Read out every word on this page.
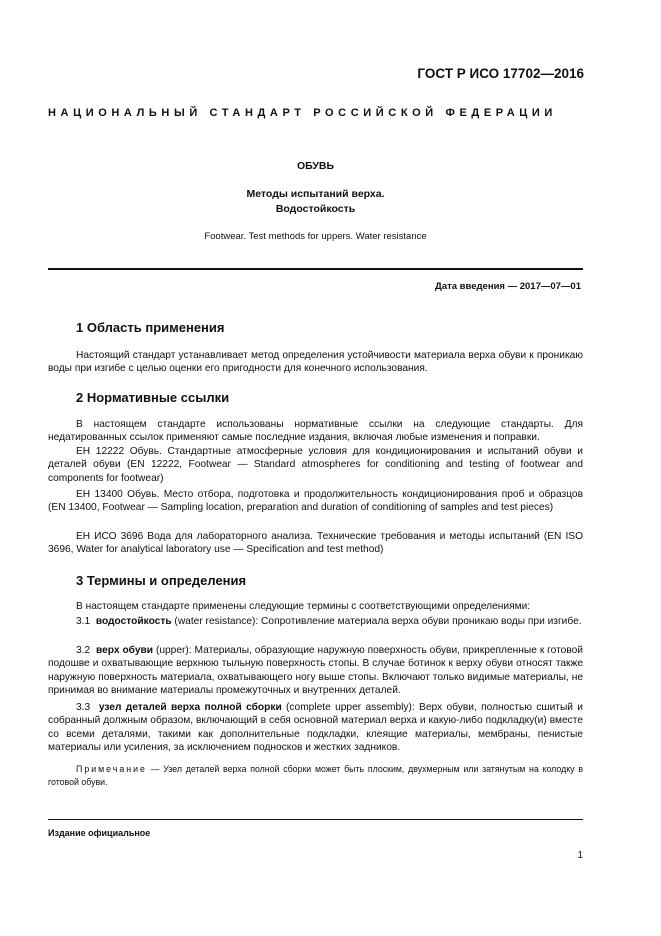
ГОСТ Р ИСО 17702—2016
НАЦИОНАЛЬНЫЙ СТАНДАРТ РОССИЙСКОЙ ФЕДЕРАЦИИ
ОБУВЬ
Методы испытаний верха.
Водостойкость
Footwear. Test methods for uppers. Water resistance
Дата введения — 2017—07—01
1 Область применения

Настоящий стандарт устанавливает метод определения устойчивости материала верха обуви к проникаю воды при изгибе с целью оценки его пригодности для конечного использования.

2 Нормативные ссылки

В настоящем стандарте использованы нормативные ссылки на следующие стандарты. Для недатированных ссылок применяют самые последние издания, включая любые изменения и поправки.

ЕН 12222 Обувь. Стандартные атмосферные условия для кондиционирования и испытаний обуви и деталей обуви (EN 12222, Footwear — Standard atmospheres for conditioning and testing of footwear and components for footwear)

ЕН 13400 Обувь. Место отбора, подготовка и продолжительность кондиционирования проб и образцов (EN 13400, Footwear — Sampling location, preparation and duration of conditioning of samples and test pieces)

ЕН ИСО 3696 Вода для лабораторного анализа. Технические требования и методы испытаний (EN ISO 3696, Water for analytical laboratory use — Specification and test method)

3 Термины и определения

В настоящем стандарте применены следующие термины с соответствующими определениями:

3.1 водостойкость (water resistance): Сопротивление материала верха обуви проникаю воды при изгибе.

3.2 верх обуви (upper): Материалы, образующие наружную поверхность обуви, прикрепленные к готовой подошве и охватывающие верхнюю тыльную поверхность стопы. В случае ботинок к верху обуви относят также наружную поверхность материала, охватывающего ногу выше стопы. Включают только видимые материалы, не принимая во внимание материалы промежуточных и внутренних деталей.

3.3 узел деталей верха полной сборки (complete upper assembly): Верх обуви, полностью сшитый и собранный должным образом, включающий в себя основной материал верха и какую-либо подкладку(и) вместе со всеми деталями, такими как дополнительные подкладки, клеящие материалы, мембраны, пенистые материалы или усиления, за исключением подносков и жестких задников.

Примечание — Узел деталей верха полной сборки может быть плоским, двухмерным или затянутым на колодку в готовой обуви.

Издание официальное
1
